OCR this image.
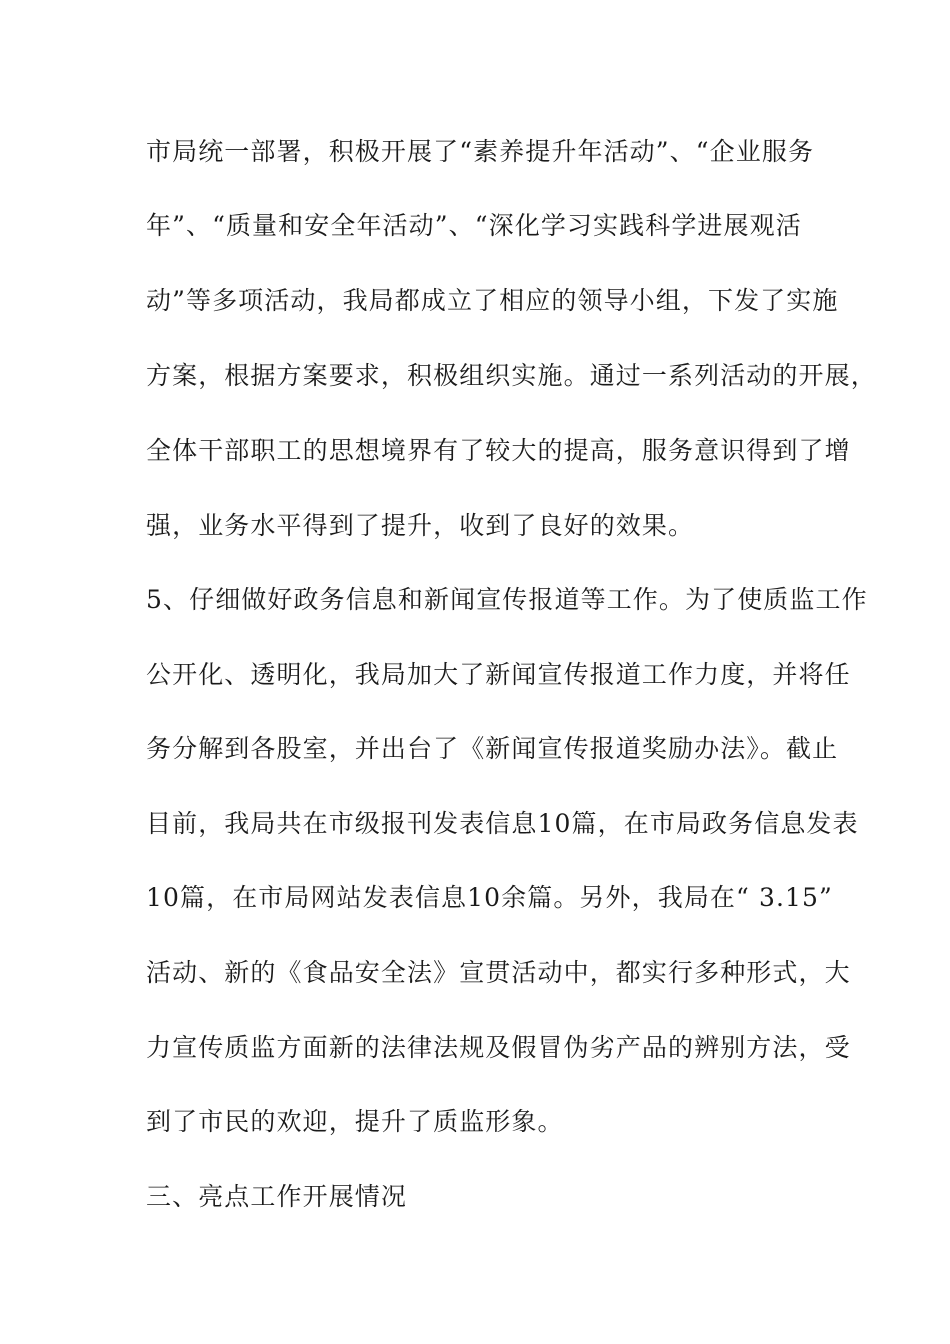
市局统一部署，积极开展了“素养提升年活动”、“企业服务
年”、“质量和安全年活动”、“深化学习实践科学进展观活
动”等多项活动，我局都成立了相应的领导小组，下发了实施
方案，根据方案要求，积极组织实施。通过一系列活动的开展，
全体干部职工的思想境界有了较大的提高，服务意识得到了增
强，业务水平得到了提升，收到了良好的效果。
5、仔细做好政务信息和新闻宣传报道等工作。为了使质监工作
公开化、透明化，我局加大了新闻宣传报道工作力度，并将任
务分解到各股室，并出台了《新闻宣传报道奖励办法》。截止
目前，我局共在市级报刊发表信息10篇，在市局政务信息发表
10篇，在市局网站发表信息10余篇。另外，我局在“ 3.15”
活动、新的《食品安全法》宣贯活动中，都实行多种形式，大
力宣传质监方面新的法律法规及假冒伪劣产品的辨别方法，受
到了市民的欢迎，提升了质监形象。
三、亮点工作开展情况
